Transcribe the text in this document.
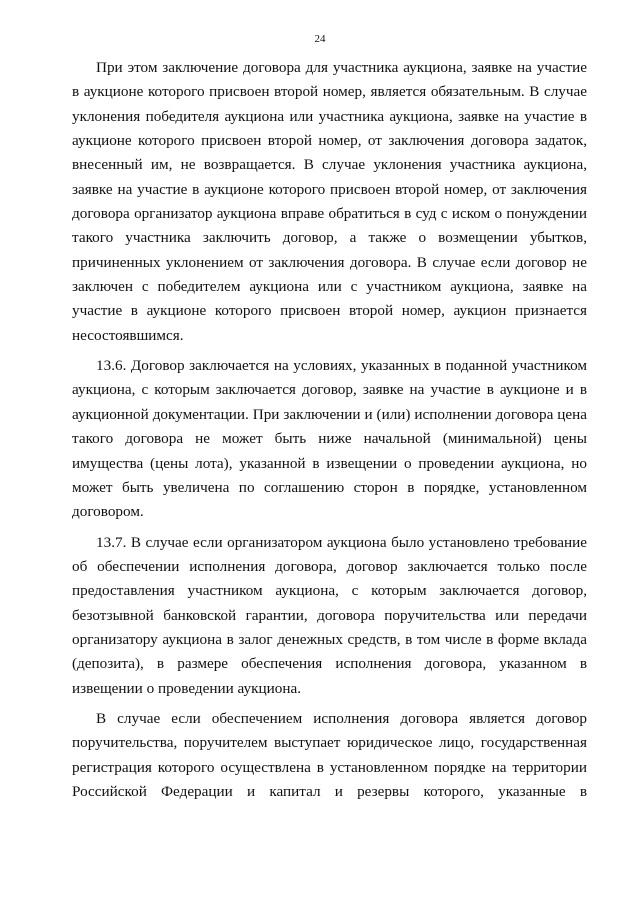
24
При этом заключение договора для участника аукциона, заявке на участие
в аукционе которого присвоен второй номер, является обязательным. В случае
уклонения победителя аукциона или участника аукциона, заявке на участие в
аукционе которого присвоен второй номер, от заключения договора задаток,
внесенный им, не возвращается. В случае уклонения участника аукциона,
заявке на участие в аукционе которого присвоен второй номер, от заключения
договора организатор аукциона вправе обратиться в суд с иском о понуждении
такого участника заключить договор, а также о возмещении убытков,
причиненных уклонением от заключения договора. В случае если договор не
заключен с победителем аукциона или с участником аукциона, заявке на
участие в аукционе которого присвоен второй номер, аукцион признается
несостоявшимся.
13.6. Договор заключается на условиях, указанных в поданной участником
аукциона, с которым заключается договор, заявке на участие в аукционе и в
аукционной документации. При заключении и (или) исполнении договора цена
такого договора не может быть ниже начальной (минимальной) цены
имущества (цены лота), указанной в извещении о проведении аукциона, но
может быть увеличена по соглашению сторон в порядке, установленном
договором.
13.7. В случае если организатором аукциона было установлено требование
об обеспечении исполнения договора, договор заключается только после
предоставления участником аукциона, с которым заключается договор,
безотзывной банковской гарантии, договора поручительства или передачи
организатору аукциона в залог денежных средств, в том числе в форме вклада
(депозита), в размере обеспечения исполнения договора, указанном в
извещении о проведении аукциона.
В случае если обеспечением исполнения договора является договор
поручительства, поручителем выступает юридическое лицо, государственная
регистрация которого осуществлена в установленном порядке на территории
Российской Федерации и капитал и резервы которого, указанные в
